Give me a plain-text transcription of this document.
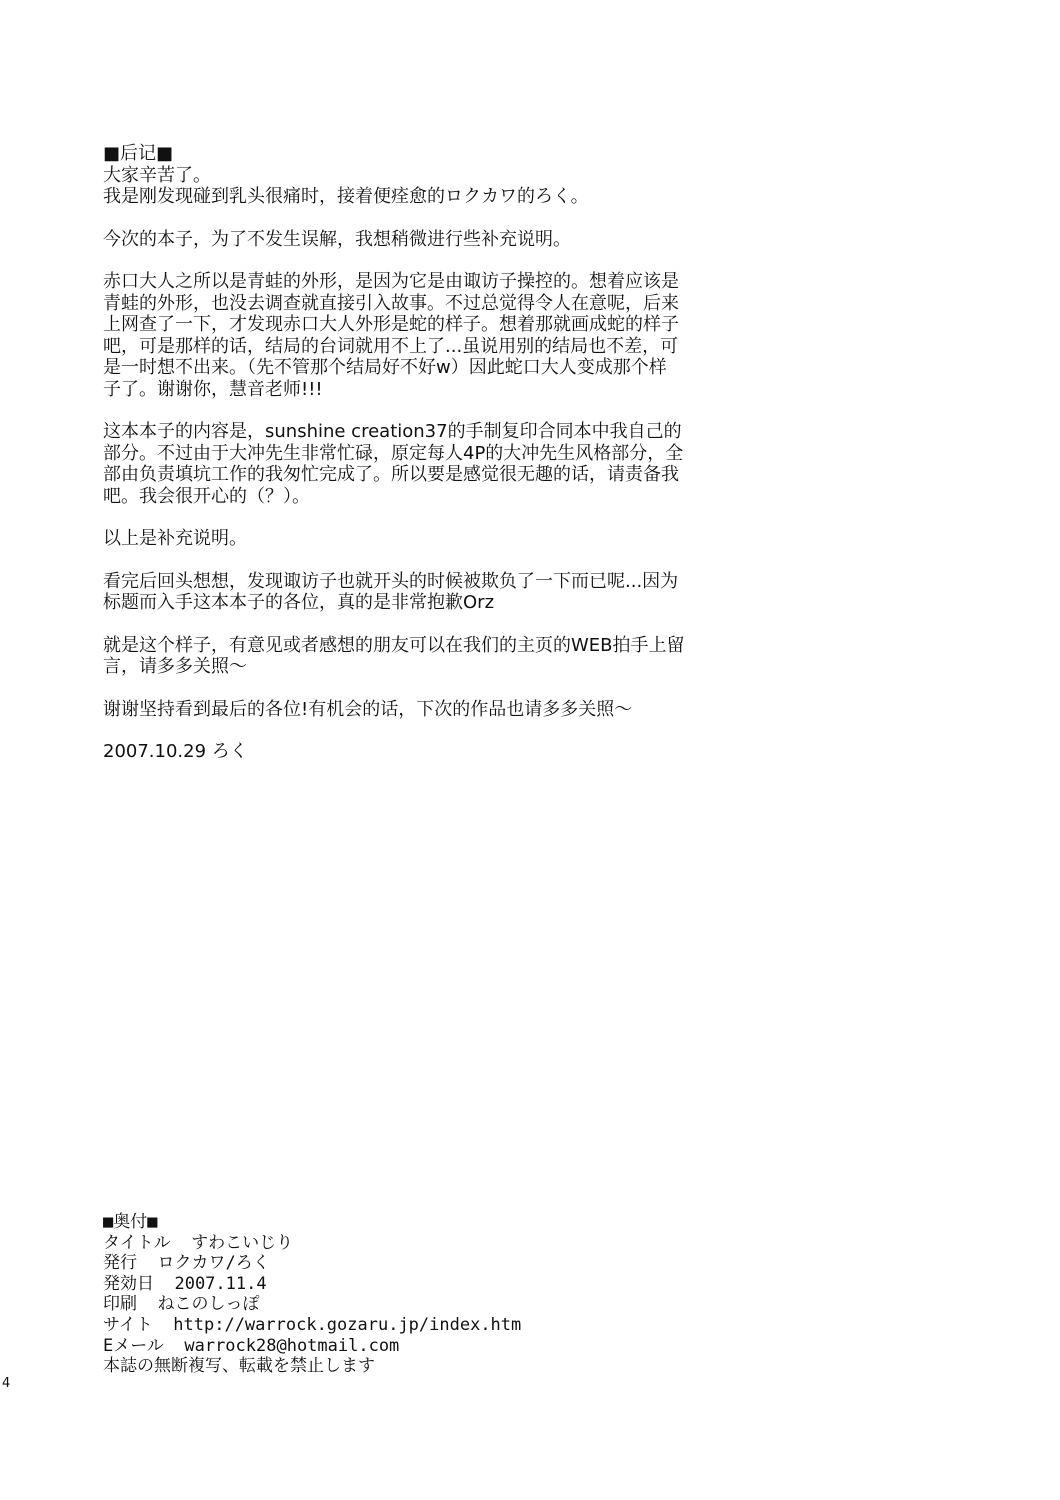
■后记■
大家辛苦了。
我是刚发现碰到乳头很痛时，接着便痊愈的ロクカワ的ろく。
今次的本子，为了不发生误解，我想稍微进行些补充说明。
赤口大人之所以是青蛙的外形，是因为它是由诹访子操控的。想着应该是
青蛙的外形，也没去调查就直接引入故事。不过总觉得令人在意呢，后来
上网查了一下，才发现赤口大人外形是蛇的样子。想着那就画成蛇的样子
吧，可是那样的话，结局的台词就用不上了...虽说用别的结局也不差，可
是一时想不出来。（先不管那个结局好不好w）因此蛇口大人变成那个样
子了。谢谢你，慧音老师!!!
这本本子的内容是，sunshine creation37的手制复印合同本中我自己的
部分。不过由于大冲先生非常忙碌，原定每人4P的大冲先生风格部分，全
部由负责填坑工作的我匆忙完成了。所以要是感觉很无趣的话，请责备我
吧。我会很开心的（？）。
以上是补充说明。
看完后回头想想，发现诹访子也就开头的时候被欺负了一下而已呢...因为
标题而入手这本本子的各位，真的是非常抱歉Orz
就是这个样子，有意见或者感想的朋友可以在我们的主页的WEB拍手上留
言，请多多关照～
谢谢坚持看到最后的各位!有机会的话，下次的作品也请多多关照～
2007.10.29 ろく
■奥付■
タイトル  すわこいじり
発行  ロクカワ/ろく
発効日  2007.11.4
印刷  ねこのしっぽ
サイト  http://warrock.gozaru.jp/index.htm
Eメール  warrock28@hotmail.com
本誌の無断複写、転載を禁止します
4
